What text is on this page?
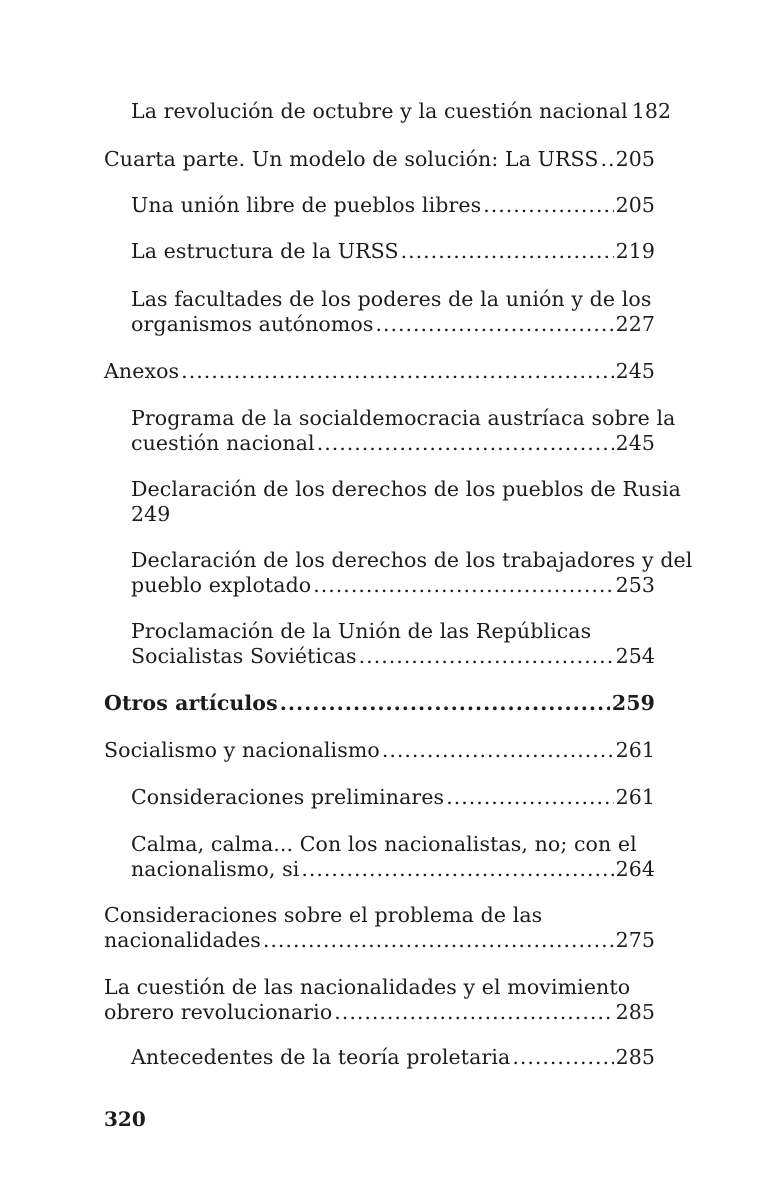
La revolución de octubre y la cuestión nacional 182
Cuarta parte. Un modelo de solución: La URSS ..... 205
Una unión libre de pueblos libres .....	205
La estructura de la URSS .....	219
Las facultades de los poderes de la unión y de los
organismos autónomos .....	227
Anexos .....	245
Programa de la socialdemocracia austríaca sobre la
cuestión nacional .....	245
Declaración de los derechos de los pueblos de Rusia
249
Declaración de los derechos de los trabajadores y del
pueblo explotado .....	253
Proclamación de la Unión de las Repúblicas
Socialistas Soviéticas .....	254
Otros artículos .....	259
Socialismo y nacionalismo .....	261
Consideraciones preliminares .....	261
Calma, calma... Con los nacionalistas, no; con el
nacionalismo, si .....	264
Consideraciones sobre el problema de las
nacionalidades .....	275
La cuestión de las nacionalidades y el movimiento
obrero revolucionario .....	285
Antecedentes de la teoría proletaria .....	285
320
